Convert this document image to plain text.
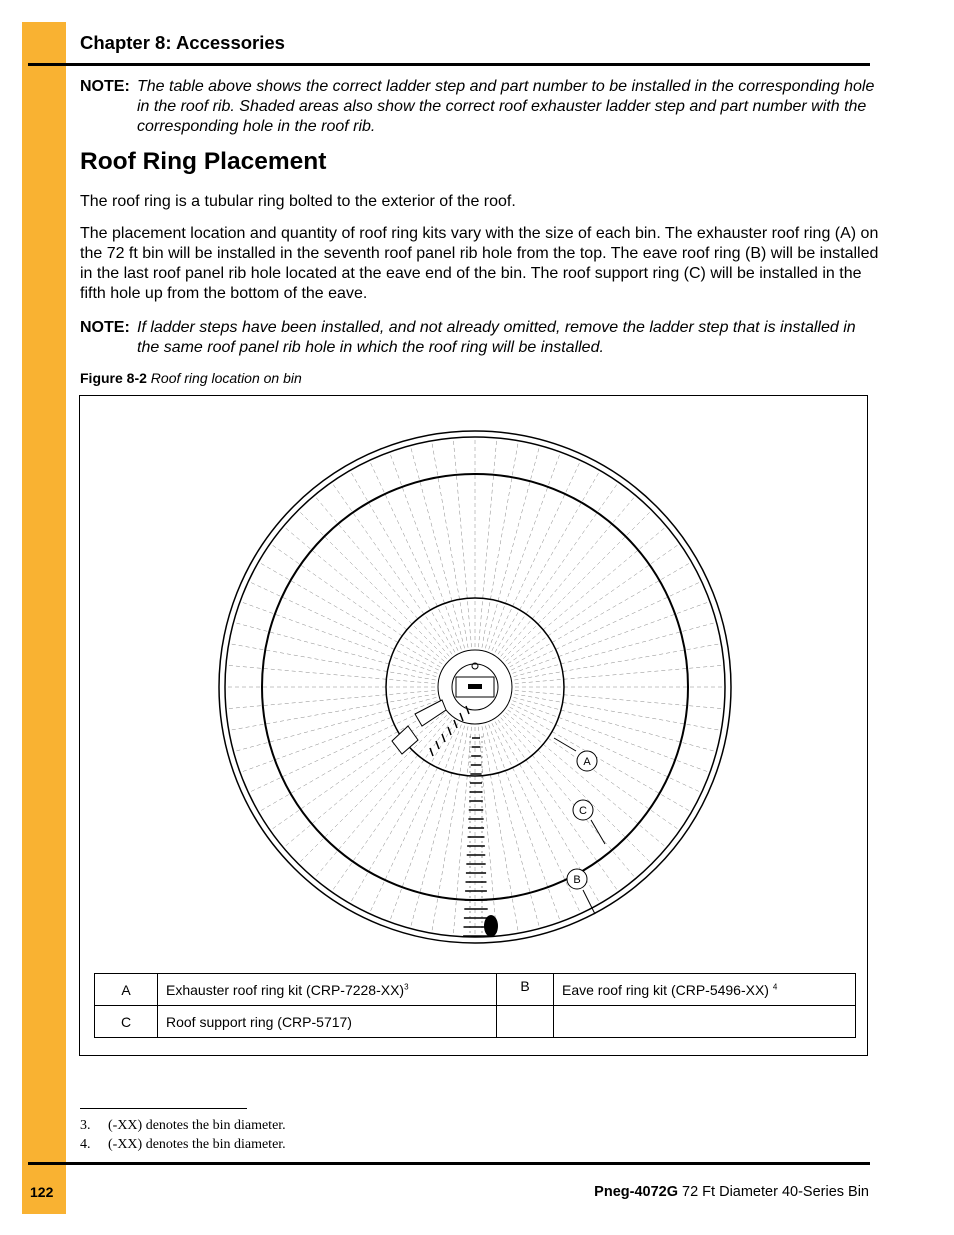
Chapter 8: Accessories
NOTE: The table above shows the correct ladder step and part number to be installed in the corresponding hole in the roof rib. Shaded areas also show the correct roof exhauster ladder step and part number with the corresponding hole in the roof rib.
Roof Ring Placement
The roof ring is a tubular ring bolted to the exterior of the roof.
The placement location and quantity of roof ring kits vary with the size of each bin. The exhauster roof ring (A) on the 72 ft bin will be installed in the seventh roof panel rib hole from the top. The eave roof ring (B) will be installed in the last roof panel rib hole located at the eave end of the bin. The roof support ring (C) will be installed in the fifth hole up from the bottom of the eave.
NOTE: If ladder steps have been installed, and not already omitted, remove the ladder step that is installed in the same roof panel rib hole in which the roof ring will be installed.
Figure 8-2 Roof ring location on bin
A
C
B
A	Exhauster roof ring kit $(CRP-7228-XX)^3$	B	Eave roof ring kit (CRP-5496-XX) $^4$
C	Roof support ring (CRP-5717)		
3. (-XX) denotes the bin diameter.
4. (-XX) denotes the bin diameter.
122	Pneg-4072G 72 Ft Diameter 40-Series Bin
